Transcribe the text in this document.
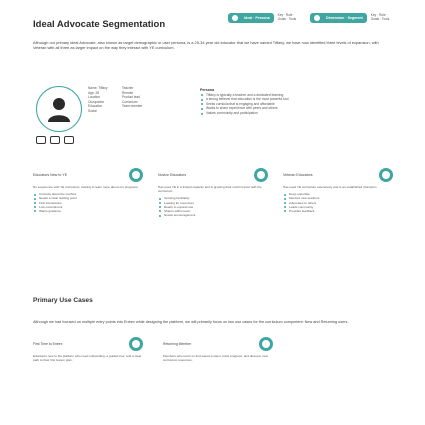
Ideal Advocate Segmentation
Ideal · Persona
Key · Role · Goals · Tools	Dimension · Segment
Key · Role · Goals · Tools
Although our primary ideal Advocate, also known as target demographic or user persona, is a 25-34 year old educator that we have named Tiffany, we have now identified three levels of expansion, with Veteran with all three as larger impact on the way they interact with YE curriculum.
Name: Tiffany
Age: 28
Location
Occupation
Education
Social
Teacher
Remote
Product lead
Curriculum
Team member
Persona
Tiffany is typically a teacher and a dedicated learning
a strong believer that education is the most powerful tool
Seeks curricula that is engaging and affordable
Wants to share experience with peers and others
Values community and participation
Educators New to YE
No experience with YE curriculum, looking to learn more about our programs
Curiosity about the method
Needs a clear starting point
First interactions
Low commitment
Wants guidance
Novice Educators
Has used YE in a limited capacity and is growing their comfort level with the curriculum
Growing familiarity
Looking for resources
Ready to expand use
Shares within team
Needs encouragement
Veteran Educators
Has used YE curriculum extensively and is an established champion
Deep expertise
Mentors new teachers
Advocates to others
Leads community
Provides feedback
Primary Use Cases
Although we had focused on multiple entry points into Entrex while designing the platform, we will primarily focus on two use cases for the curriculum component: New and Returning users.
First Time to Entrex
Educators new to the platform who need onboarding, a guided tour, and a clear path to their first lesson plan.
Returning Member
Members who return to find saved content, track progress, and discover new curriculum resources.
